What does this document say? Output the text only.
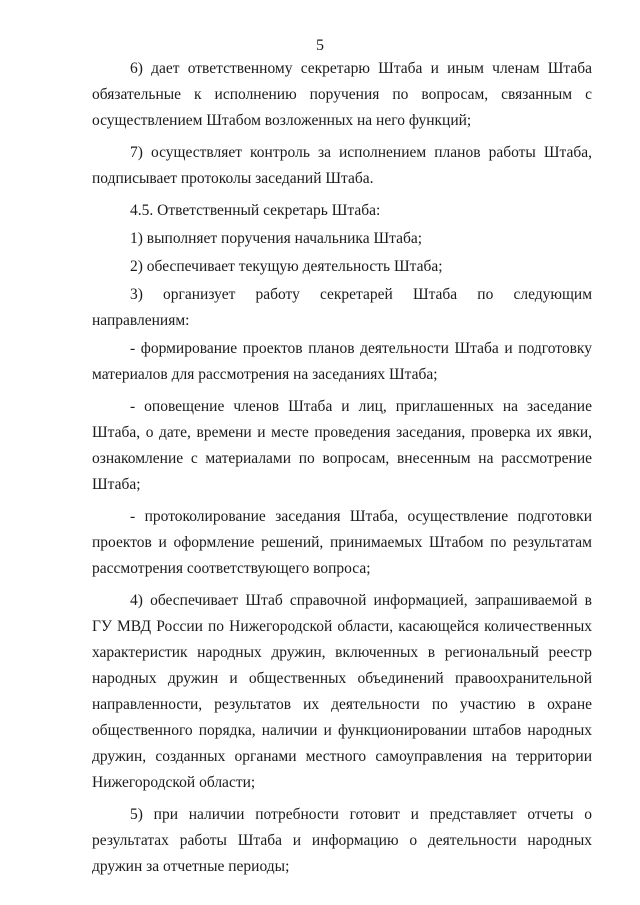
5

6) дает ответственному секретарю Штаба и иным членам Штаба обязательные к исполнению поручения по вопросам, связанным с осуществлением Штабом возложенных на него функций;

7) осуществляет контроль за исполнением планов работы Штаба, подписывает протоколы заседаний Штаба.

4.5. Ответственный секретарь Штаба:

1) выполняет поручения начальника Штаба;

2) обеспечивает текущую деятельность Штаба;

3) организует работу секретарей Штаба по следующим направлениям:

- формирование проектов планов деятельности Штаба и подготовку материалов для рассмотрения на заседаниях Штаба;

- оповещение членов Штаба и лиц, приглашенных на заседание Штаба, о дате, времени и месте проведения заседания, проверка их явки, ознакомление с материалами по вопросам, внесенным на рассмотрение Штаба;

- протоколирование заседания Штаба, осуществление подготовки проектов и оформление решений, принимаемых Штабом по результатам рассмотрения соответствующего вопроса;

4) обеспечивает Штаб справочной информацией, запрашиваемой в ГУ МВД России по Нижегородской области, касающейся количественных характеристик народных дружин, включенных в региональный реестр народных дружин и общественных объединений правоохранительной направленности, результатов их деятельности по участию в охране общественного порядка, наличии и функционировании штабов народных дружин, созданных органами местного самоуправления на территории Нижегородской области;

5) при наличии потребности готовит и представляет отчеты о результатах работы Штаба и информацию о деятельности народных дружин за отчетные периоды;
